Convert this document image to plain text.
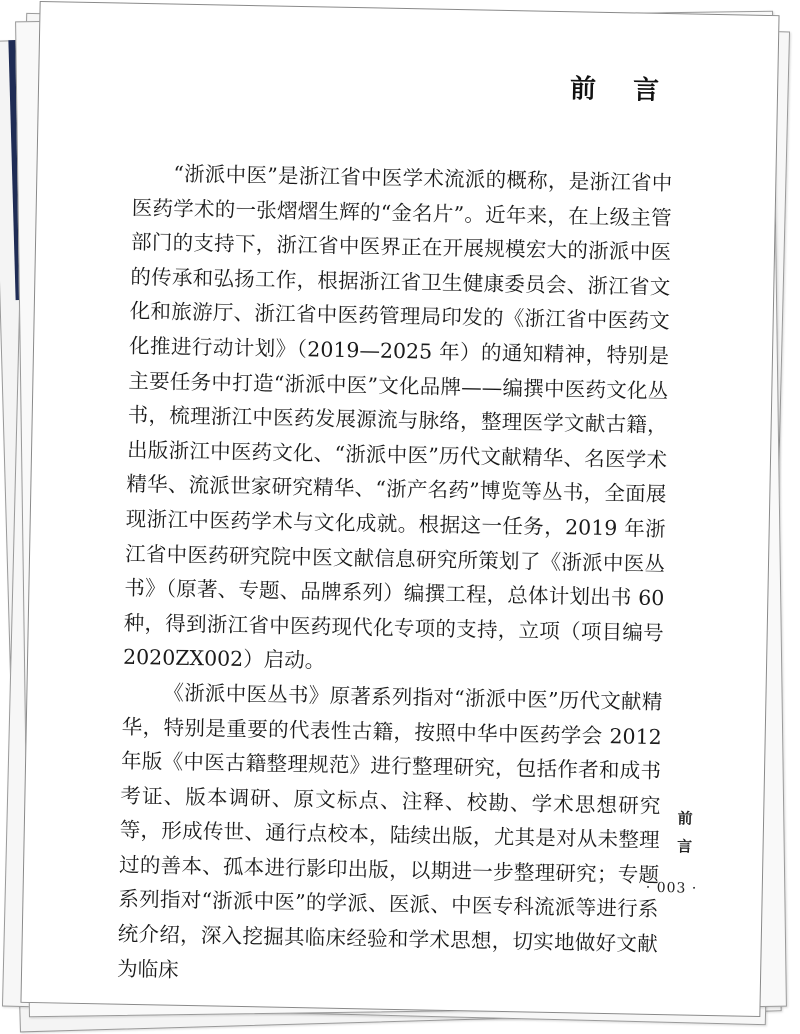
前 言

“浙派中医”是浙江省中医学术流派的概称，是浙江省中医药学术的一张熠熠生辉的“金名片”。近年来，在上级主管部门的支持下，浙江省中医界正在开展规模宏大的浙派中医的传承和弘扬工作，根据浙江省卫生健康委员会、浙江省文化和旅游厅、浙江省中医药管理局印发的《浙江省中医药文化推进行动计划》（2019—2025 年）的通知精神，特别是主要任务中打造“浙派中医”文化品牌——编撰中医药文化丛书，梳理浙江中医药发展源流与脉络，整理医学文献古籍，出版浙江中医药文化、“浙派中医”历代文献精华、名医学术精华、流派世家研究精华、“浙产名药”博览等丛书，全面展现浙江中医药学术与文化成就。根据这一任务，2019 年浙江省中医药研究院中医文献信息研究所策划了《浙派中医丛书》（原著、专题、品牌系列）编撰工程，总体计划出书 60 种，得到浙江省中医药现代化专项的支持，立项（项目编号 2020ZX002）启动。

《浙派中医丛书》原著系列指对“浙派中医”历代文献精华，特别是重要的代表性古籍，按照中华中医药学会 2012 年版《中医古籍整理规范》进行整理研究，包括作者和成书考证、版本调研、原文标点、注释、校勘、学术思想研究等，形成传世、通行点校本，陆续出版，尤其是对从未整理过的善本、孤本进行影印出版，以期进一步整理研究；专题系列指对“浙派中医”的学派、医派、中医专科流派等进行系统介绍，深入挖掘其临床经验和学术思想，切实地做好文献为临床

前言
· 003 ·
